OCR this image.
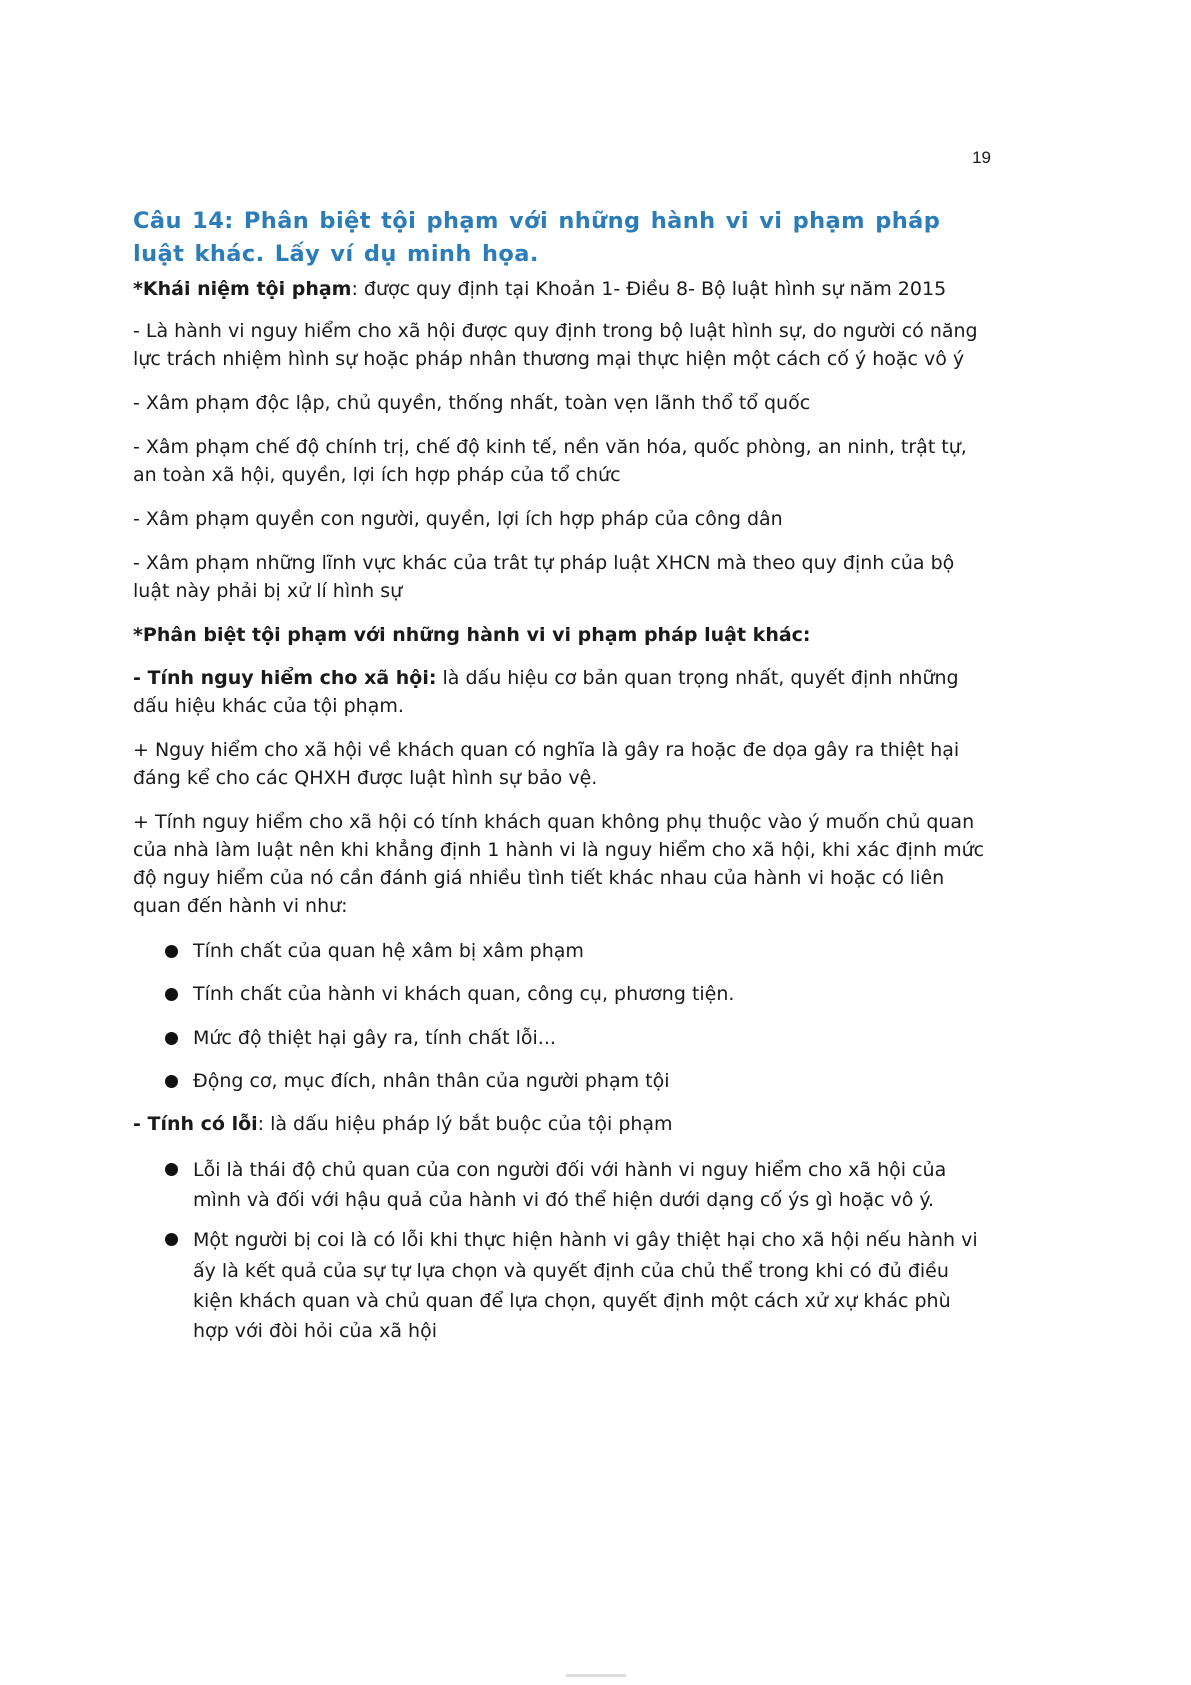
19
Câu 14: Phân biệt tội phạm với những hành vi vi phạm pháp luật khác. Lấy ví dụ minh họa.

*Khái niệm tội phạm: được quy định tại Khoản 1- Điều 8- Bộ luật hình sự năm 2015

- Là hành vi nguy hiểm cho xã hội được quy định trong bộ luật hình sự, do người có năng lực trách nhiệm hình sự hoặc pháp nhân thương mại thực hiện một cách cố ý hoặc vô ý

- Xâm phạm độc lập, chủ quyền, thống nhất, toàn vẹn lãnh thổ tổ quốc

- Xâm phạm chế độ chính trị, chế độ kinh tế, nền văn hóa, quốc phòng, an ninh, trật tự, an toàn xã hội, quyền, lợi ích hợp pháp của tổ chức

- Xâm phạm quyền con người, quyền, lợi ích hợp pháp của công dân

- Xâm phạm những lĩnh vực khác của trât tự pháp luật XHCN mà theo quy định của bộ luật này phải bị xử lí hình sự

*Phân biệt tội phạm với những hành vi vi phạm pháp luật khác:

- Tính nguy hiểm cho xã hội: là dấu hiệu cơ bản quan trọng nhất, quyết định những dấu hiệu khác của tội phạm.

+ Nguy hiểm cho xã hội về khách quan có nghĩa là gây ra hoặc đe dọa gây ra thiệt hại đáng kể cho các QHXH được luật hình sự bảo vệ.

+ Tính nguy hiểm cho xã hội có tính khách quan không phụ thuộc vào ý muốn chủ quan của nhà làm luật nên khi khẳng định 1 hành vi là nguy hiểm cho xã hội, khi xác định mức độ nguy hiểm của nó cần đánh giá nhiều tình tiết khác nhau của hành vi hoặc có liên quan đến hành vi như:

Tính chất của quan hệ xâm bị xâm phạm
Tính chất của hành vi khách quan, công cụ, phương tiện.
Mức độ thiệt hại gây ra, tính chất lỗi...
Động cơ, mục đích, nhân thân của người phạm tội

- Tính có lỗi: là dấu hiệu pháp lý bắt buộc của tội phạm

Lỗi là thái độ chủ quan của con người đối với hành vi nguy hiểm cho xã hội của mình và đối với hậu quả của hành vi đó thể hiện dưới dạng cố ýs gì hoặc vô ý.
Một người bị coi là có lỗi khi thực hiện hành vi gây thiệt hại cho xã hội nếu hành vi ấy là kết quả của sự tự lựa chọn và quyết định của chủ thể trong khi có đủ điều kiện khách quan và chủ quan để lựa chọn, quyết định một cách xử xự khác phù hợp với đòi hỏi của xã hội
